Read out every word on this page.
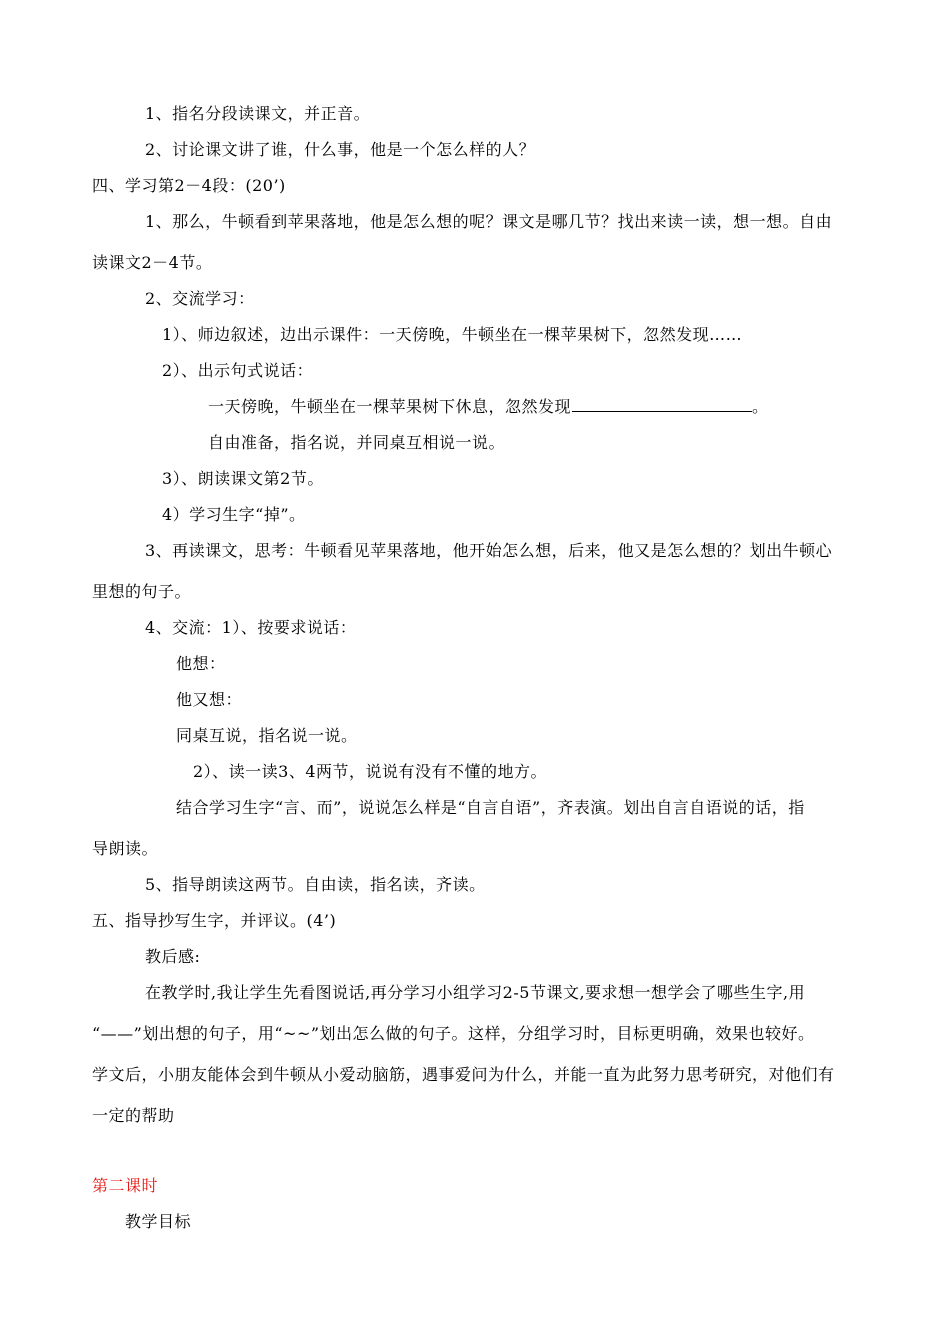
1、指名分段读课文，并正音。
2、讨论课文讲了谁，什么事，他是一个怎么样的人？
四、学习第2－4段：(20’)
1、那么，牛顿看到苹果落地，他是怎么想的呢？课文是哪几节？找出来读一读，想一想。自由
读课文2－4节。
2、交流学习：
1）、师边叙述，边出示课件：一天傍晚，牛顿坐在一棵苹果树下，忽然发现……
2）、出示句式说话：
一天傍晚，牛顿坐在一棵苹果树下休息，忽然发现	。
自由准备，指名说，并同桌互相说一说。
3）、朗读课文第2节。
4）学习生字“掉”。
3、再读课文，思考：牛顿看见苹果落地，他开始怎么想，后来，他又是怎么想的？划出牛顿心
里想的句子。
4、交流：1）、按要求说话：
他想：
他又想：
同桌互说，指名说一说。
2）、读一读3、4两节，说说有没有不懂的地方。
结合学习生字“言、而”，说说怎么样是“自言自语”，齐表演。划出自言自语说的话，指
导朗读。
5、指导朗读这两节。自由读，指名读，齐读。
五、指导抄写生字，并评议。(4’)
教后感:
在教学时,我让学生先看图说话,再分学习小组学习2-5节课文,要求想一想学会了哪些生字,用
“——”划出想的句子，用“~~”划出怎么做的句子。这样，分组学习时，目标更明确，效果也较好。
学文后，小朋友能体会到牛顿从小爱动脑筋，遇事爱问为什么，并能一直为此努力思考研究，对他们有
一定的帮助
第二课时
教学目标
